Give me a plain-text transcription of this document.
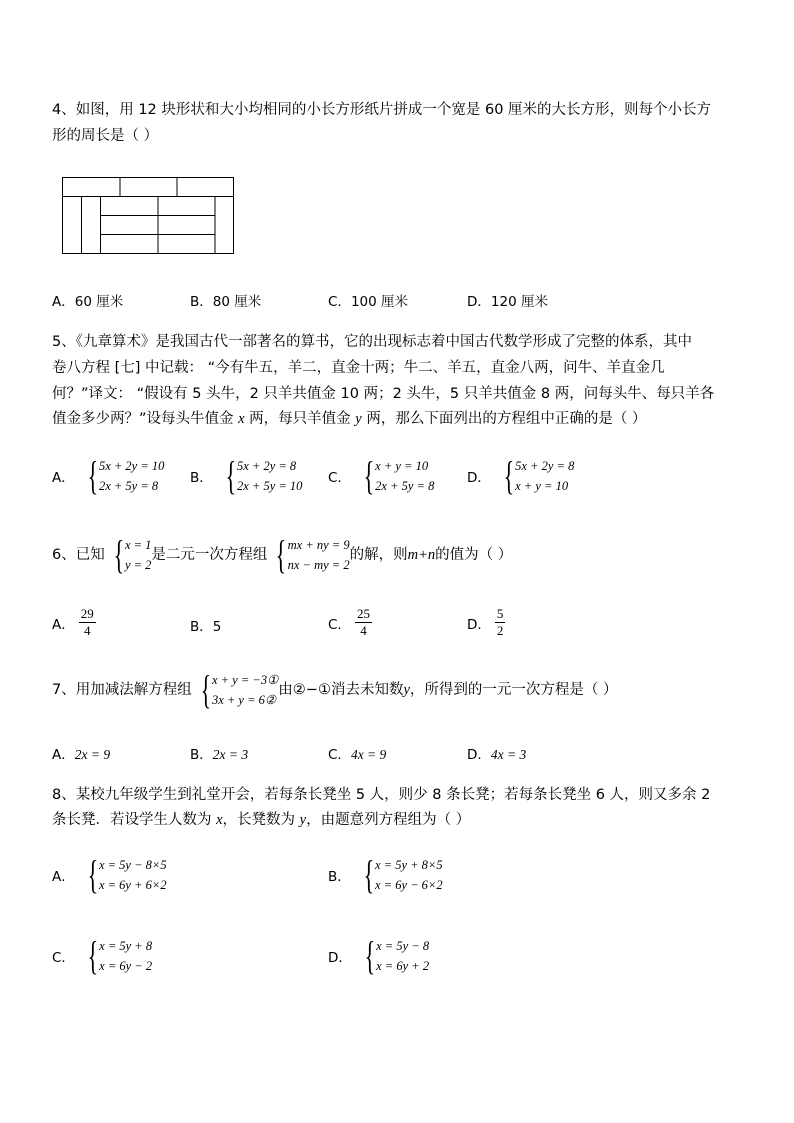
4、如图，用 12 块形状和大小均相同的小长方形纸片拼成一个宽是 60 厘米的大长方形，则每个小长方
形的周长是（ ）
A．60 厘米	B．80 厘米	C．100 厘米	D．120 厘米
5、《九章算术》是我国古代一部著名的算书，它的出现标志着中国古代数学形成了完整的体系，其中
卷八方程 [七] 中记载： “今有牛五，羊二，直金十两；牛二、羊五，直金八两，问牛、羊直金几
何？”译文： “假设有 5 头牛，2 只羊共值金 10 两；2 头牛，5 只羊共值金 8 两，问每头牛、每只羊各
值金多少两？”设每头牛值金 x 两，每只羊值金 y 两，那么下面列出的方程组中正确的是（ ）
A． { 5x + 2y = 10
2x + 5y = 8	B． { 5x + 2y = 8
2x + 5y = 10 C． { x + y = 10
2x + 5y = 8 D． { 5x + 2y = 8
x + y = 10
6、已知 { x = 1
y = 2
是二元一次方程组 { mx + ny = 9
nx − my = 2
的解，则 m+n 的值为（ ）
A． $\frac{29}{4}$	B．5	C． $\frac{25}{4}$	D． $\frac{5}{2}$
7、用加减法解方程组 { x + y = −3①
3x + y = 6②
由②−①消去未知数 y ，所得到的一元一次方程是（ ）
A．2x = 9	B．2x = 3	C．4x = 9	D．4x = 3
8、某校九年级学生到礼堂开会，若每条长凳坐 5 人，则少 8 条长凳；若每条长凳坐 6 人，则又多余 2
条长凳．若设学生人数为 x，长凳数为 y，由题意列方程组为（ ）
A． { x = 5y − 8×5
x = 6y + 6×2	B． { x = 5y + 8×5
x = 6y − 6×2
C． { x = 5y + 8
x = 6y − 2	D． { x = 5y − 8
x = 6y + 2
